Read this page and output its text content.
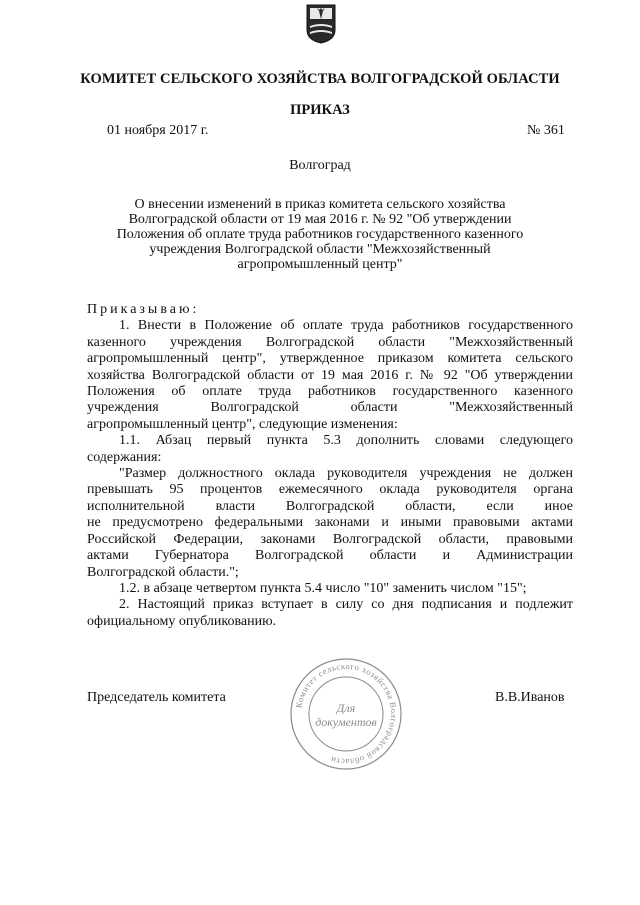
КОМИТЕТ СЕЛЬСКОГО ХОЗЯЙСТВА ВОЛГОГРАДСКОЙ ОБЛАСТИ
ПРИКАЗ
01 ноября 2017 г.	№ 361
Волгоград
О внесении изменений в приказ комитета сельского хозяйства
Волгоградской области от 19 мая 2016 г. № 92 "Об утверждении
Положения об оплате труда работников государственного казенного
учреждения Волгоградской области "Межхозяйственный
агропромышленный центр"

Приказываю:

1. Внести в Положение об оплате труда работников государственного

казенного учреждения Волгоградской области "Межхозяйственный

агропромышленный центр", утвержденное приказом комитета сельского

хозяйства Волгоградской области от 19 мая 2016 г. № 92 "Об утверждении

Положения об оплате труда работников государственного казенного

учреждения Волгоградской области "Межхозяйственный

агропромышленный центр", следующие изменения:

1.1. Абзац первый пункта 5.3 дополнить словами следующего

содержания:

"Размер должностного оклада руководителя учреждения не должен

превышать 95 процентов ежемесячного оклада руководителя органа

исполнительной власти Волгоградской области, если иное

не предусмотрено федеральными законами и иными правовыми актами

Российской Федерации, законами Волгоградской области, правовыми

актами Губернатора Волгоградской области и Администрации

Волгоградской области.";

1.2. в абзаце четвертом пункта 5.4 число "10" заменить числом "15";

2. Настоящий приказ вступает в силу со дня подписания и подлежит

официальному опубликованию.

Председатель комитета	В.В.Иванов
Комитет сельского хозяйства Волгоградской области
Для
документов
